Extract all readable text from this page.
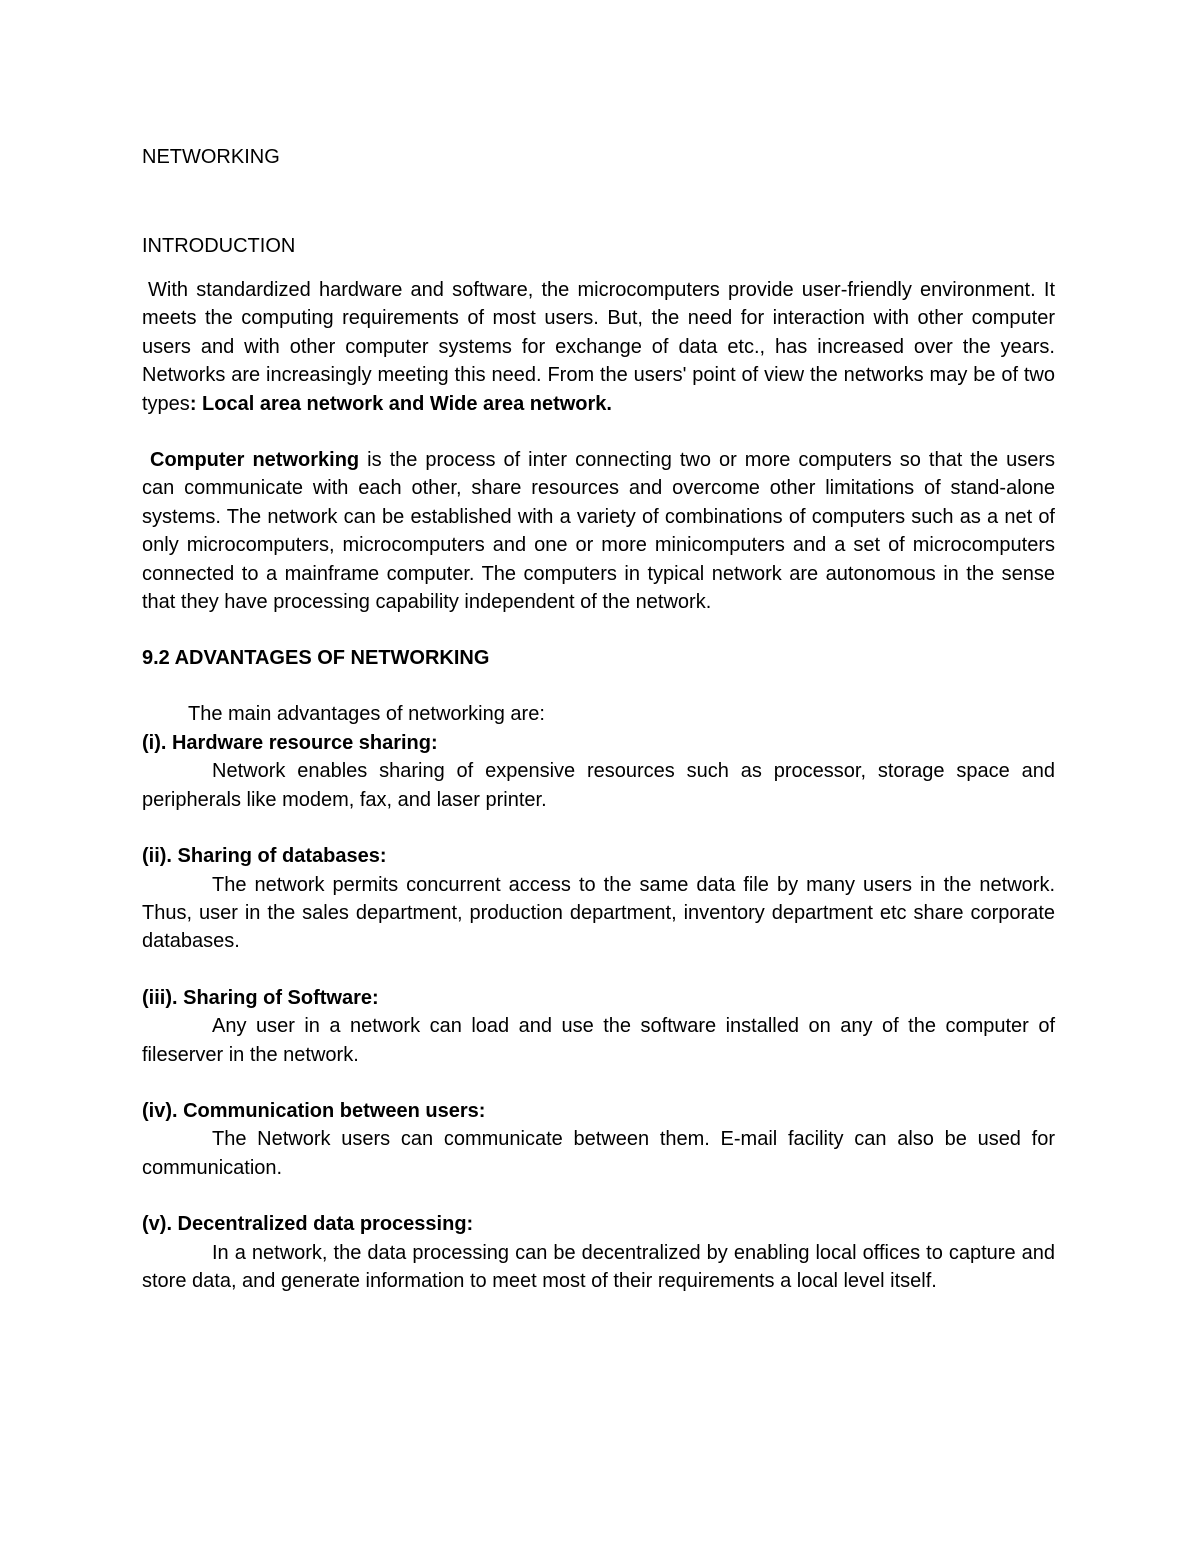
NETWORKING
INTRODUCTION

With standardized hardware and software, the microcomputers provide user-friendly environment. It meets the computing requirements of most users. But, the need for interaction with other computer users and with other computer systems for exchange of data etc., has increased over the years. Networks are increasingly meeting this need. From the users' point of view the networks may be of two types: Local area network and Wide area network.

Computer networking is the process of inter connecting two or more computers so that the users can communicate with each other, share resources and overcome other limitations of stand-alone systems. The network can be established with a variety of combinations of computers such as a net of only microcomputers, microcomputers and one or more minicomputers and a set of microcomputers connected to a mainframe computer. The computers in typical network are autonomous in the sense that they have processing capability independent of the network.

9.2 ADVANTAGES OF NETWORKING
The main advantages of networking are:
(i). Hardware resource sharing:
Network enables sharing of expensive resources such as processor, storage space and peripherals like modem, fax, and laser printer.
(ii). Sharing of databases:
The network permits concurrent access to the same data file by many users in the network. Thus, user in the sales department, production department, inventory department etc share corporate databases.
(iii). Sharing of Software:
Any user in a network can load and use the software installed on any of the computer of fileserver in the network.
(iv). Communication between users:
The Network users can communicate between them. E-mail facility can also be used for communication.
(v). Decentralized data processing:
In a network, the data processing can be decentralized by enabling local offices to capture and store data, and generate information to meet most of their requirements a local level itself.
